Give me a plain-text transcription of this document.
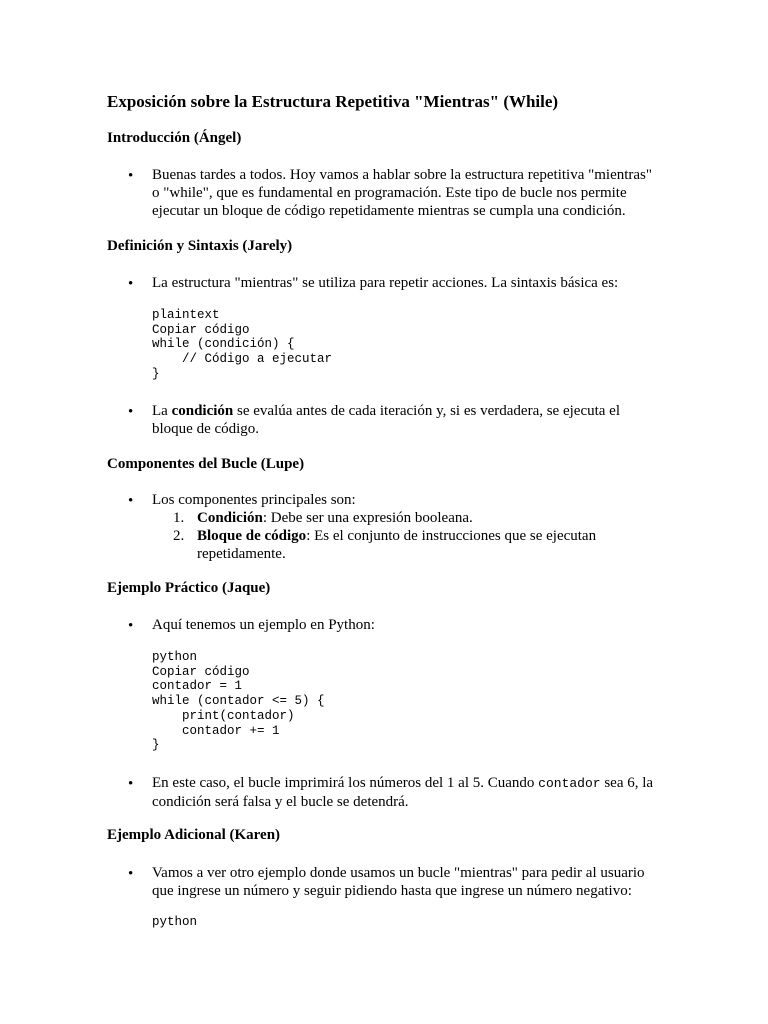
Exposición sobre la Estructura Repetitiva "Mientras" (While)
Introducción (Ángel)
• Buenas tardes a todos. Hoy vamos a hablar sobre la estructura repetitiva "mientras"
o "while", que es fundamental en programación. Este tipo de bucle nos permite
ejecutar un bloque de código repetidamente mientras se cumpla una condición.
Definición y Sintaxis (Jarely)
• La estructura "mientras" se utiliza para repetir acciones. La sintaxis básica es:
plaintext
Copiar código
while (condición) {
// Código a ejecutar
}
• La condición se evalúa antes de cada iteración y, si es verdadera, se ejecuta el
bloque de código.
Componentes del Bucle (Lupe)
• Los componentes principales son:
1. Condición: Debe ser una expresión booleana.
2. Bloque de código: Es el conjunto de instrucciones que se ejecutan
repetidamente.
Ejemplo Práctico (Jaque)
• Aquí tenemos un ejemplo en Python:
python
Copiar código
contador = 1
while (contador <= 5) {
print(contador)
contador += 1
}
• En este caso, el bucle imprimirá los números del 1 al 5. Cuando contador sea 6, la
condición será falsa y el bucle se detendrá.
Ejemplo Adicional (Karen)
• Vamos a ver otro ejemplo donde usamos un bucle "mientras" para pedir al usuario
que ingrese un número y seguir pidiendo hasta que ingrese un número negativo:
python
